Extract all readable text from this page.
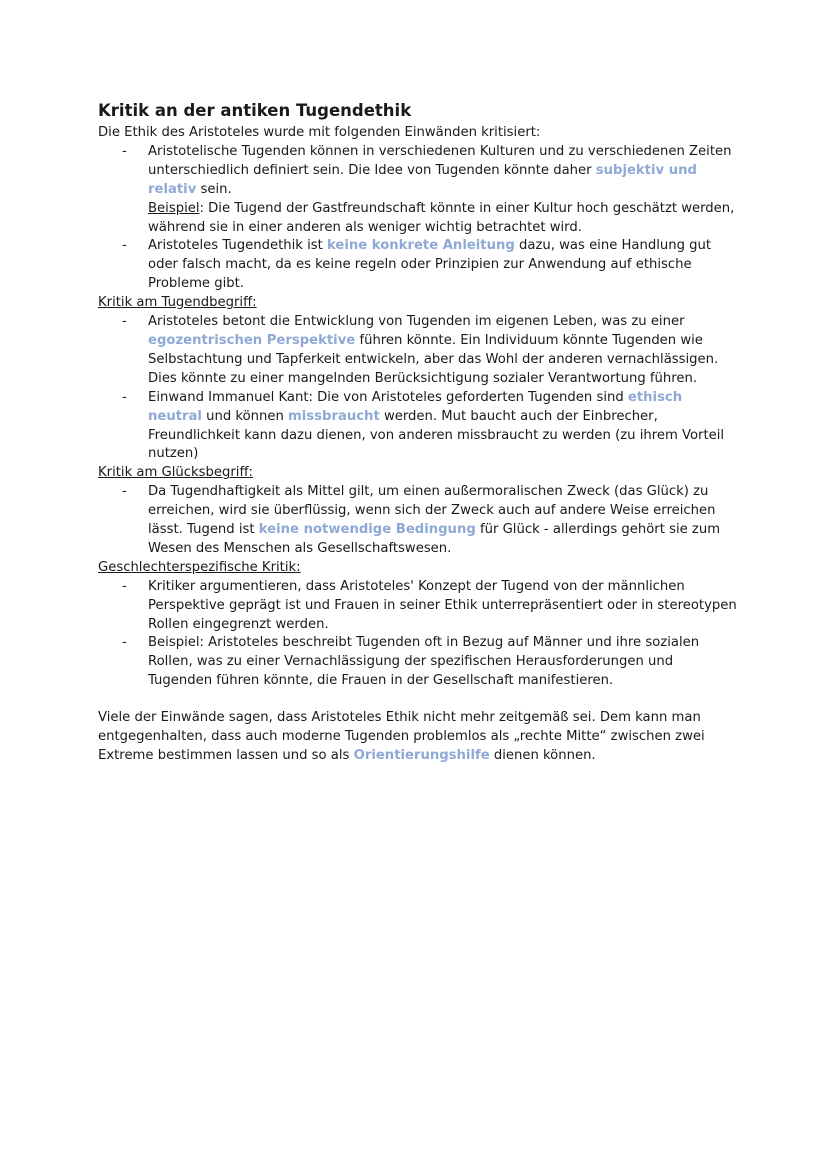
Kritik an der antiken Tugendethik

Die Ethik des Aristoteles wurde mit folgenden Einwänden kritisiert:

- Aristotelische Tugenden können in verschiedenen Kulturen und zu verschiedenen Zeiten unterschiedlich definiert sein. Die Idee von Tugenden könnte daher subjektiv und relativ sein.
Beispiel: Die Tugend der Gastfreundschaft könnte in einer Kultur hoch geschätzt werden, während sie in einer anderen als weniger wichtig betrachtet wird.
- Aristoteles Tugendethik ist keine konkrete Anleitung dazu, was eine Handlung gut oder falsch macht, da es keine regeln oder Prinzipien zur Anwendung auf ethische Probleme gibt.

Kritik am Tugendbegriff:

- Aristoteles betont die Entwicklung von Tugenden im eigenen Leben, was zu einer egozentrischen Perspektive führen könnte. Ein Individuum könnte Tugenden wie Selbstachtung und Tapferkeit entwickeln, aber das Wohl der anderen vernachlässigen. Dies könnte zu einer mangelnden Berücksichtigung sozialer Verantwortung führen.
- Einwand Immanuel Kant: Die von Aristoteles geforderten Tugenden sind ethisch neutral und können missbraucht werden. Mut baucht auch der Einbrecher, Freundlichkeit kann dazu dienen, von anderen missbraucht zu werden (zu ihrem Vorteil nutzen)

Kritik am Glücksbegriff:

- Da Tugendhaftigkeit als Mittel gilt, um einen außermoralischen Zweck (das Glück) zu erreichen, wird sie überflüssig, wenn sich der Zweck auch auf andere Weise erreichen lässt. Tugend ist keine notwendige Bedingung für Glück - allerdings gehört sie zum Wesen des Menschen als Gesellschaftswesen.

Geschlechterspezifische Kritik:

- Kritiker argumentieren, dass Aristoteles' Konzept der Tugend von der männlichen Perspektive geprägt ist und Frauen in seiner Ethik unterrepräsentiert oder in stereotypen Rollen eingegrenzt werden.
- Beispiel: Aristoteles beschreibt Tugenden oft in Bezug auf Männer und ihre sozialen Rollen, was zu einer Vernachlässigung der spezifischen Herausforderungen und Tugenden führen könnte, die Frauen in der Gesellschaft manifestieren.

Viele der Einwände sagen, dass Aristoteles Ethik nicht mehr zeitgemäß sei. Dem kann man entgegenhalten, dass auch moderne Tugenden problemlos als „rechte Mitte“ zwischen zwei Extreme bestimmen lassen und so als Orientierungshilfe dienen können.
